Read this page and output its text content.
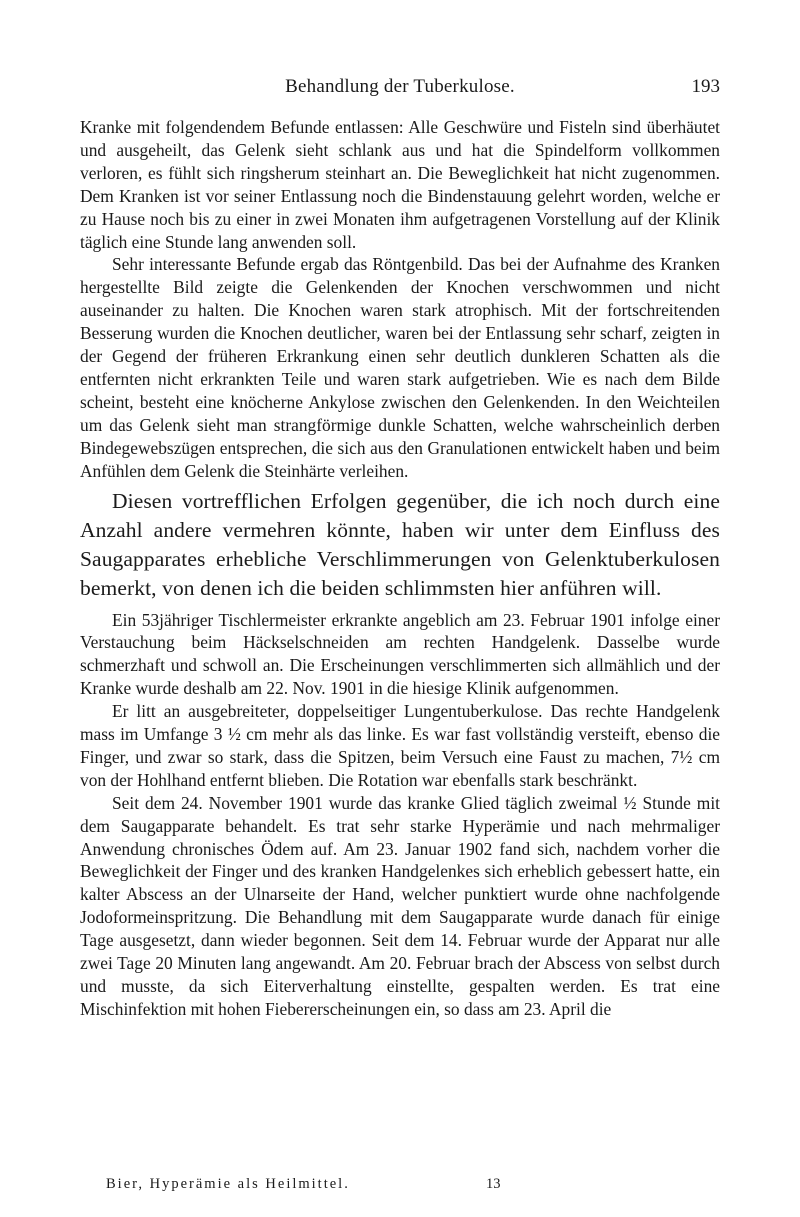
Behandlung der Tuberkulose.	193

Kranke mit folgendendem Befunde entlassen: Alle Geschwüre und Fisteln sind überhäutet und ausgeheilt, das Gelenk sieht schlank aus und hat die Spindelform vollkommen verloren, es fühlt sich ringsherum steinhart an. Die Beweglichkeit hat nicht zugenommen. Dem Kranken ist vor seiner Entlassung noch die Bindenstauung gelehrt worden, welche er zu Hause noch bis zu einer in zwei Monaten ihm aufgetragenen Vorstellung auf der Klinik täglich eine Stunde lang anwenden soll.

Sehr interessante Befunde ergab das Röntgenbild. Das bei der Aufnahme des Kranken hergestellte Bild zeigte die Gelenkenden der Knochen verschwommen und nicht auseinander zu halten. Die Knochen waren stark atrophisch. Mit der fortschreitenden Besserung wurden die Knochen deutlicher, waren bei der Entlassung sehr scharf, zeigten in der Gegend der früheren Erkrankung einen sehr deutlich dunkleren Schatten als die entfernten nicht erkrankten Teile und waren stark aufgetrieben. Wie es nach dem Bilde scheint, besteht eine knöcherne Ankylose zwischen den Gelenkenden. In den Weichteilen um das Gelenk sieht man strangförmige dunkle Schatten, welche wahrscheinlich derben Bindegewebszügen entsprechen, die sich aus den Granulationen entwickelt haben und beim Anfühlen dem Gelenk die Steinhärte verleihen.

Diesen vortrefflichen Erfolgen gegenüber, die ich noch durch eine Anzahl andere vermehren könnte, haben wir unter dem Einfluss des Saugapparates erhebliche Verschlimmerungen von Gelenktuberkulosen bemerkt, von denen ich die beiden schlimmsten hier anführen will.

Ein 53jähriger Tischlermeister erkrankte angeblich am 23. Februar 1901 infolge einer Verstauchung beim Häckselschneiden am rechten Handgelenk. Dasselbe wurde schmerzhaft und schwoll an. Die Erscheinungen verschlimmerten sich allmählich und der Kranke wurde deshalb am 22. Nov. 1901 in die hiesige Klinik aufgenommen.

Er litt an ausgebreiteter, doppelseitiger Lungentuberkulose. Das rechte Handgelenk mass im Umfange 3 ½ cm mehr als das linke. Es war fast vollständig versteift, ebenso die Finger, und zwar so stark, dass die Spitzen, beim Versuch eine Faust zu machen, 7½ cm von der Hohlhand entfernt blieben. Die Rotation war ebenfalls stark beschränkt.

Seit dem 24. November 1901 wurde das kranke Glied täglich zweimal ½ Stunde mit dem Saugapparate behandelt. Es trat sehr starke Hyperämie und nach mehrmaliger Anwendung chronisches Ödem auf. Am 23. Januar 1902 fand sich, nachdem vorher die Beweglichkeit der Finger und des kranken Handgelenkes sich erheblich gebessert hatte, ein kalter Abscess an der Ulnarseite der Hand, welcher punktiert wurde ohne nachfolgende Jodoformeinspritzung. Die Behandlung mit dem Saugapparate wurde danach für einige Tage ausgesetzt, dann wieder begonnen. Seit dem 14. Februar wurde der Apparat nur alle zwei Tage 20 Minuten lang angewandt. Am 20. Februar brach der Abscess von selbst durch und musste, da sich Eiterverhaltung einstellte, gespalten werden. Es trat eine Mischinfektion mit hohen Fiebererscheinungen ein, so dass am 23. April die

Bier, Hyperämie als Heilmittel.	13
